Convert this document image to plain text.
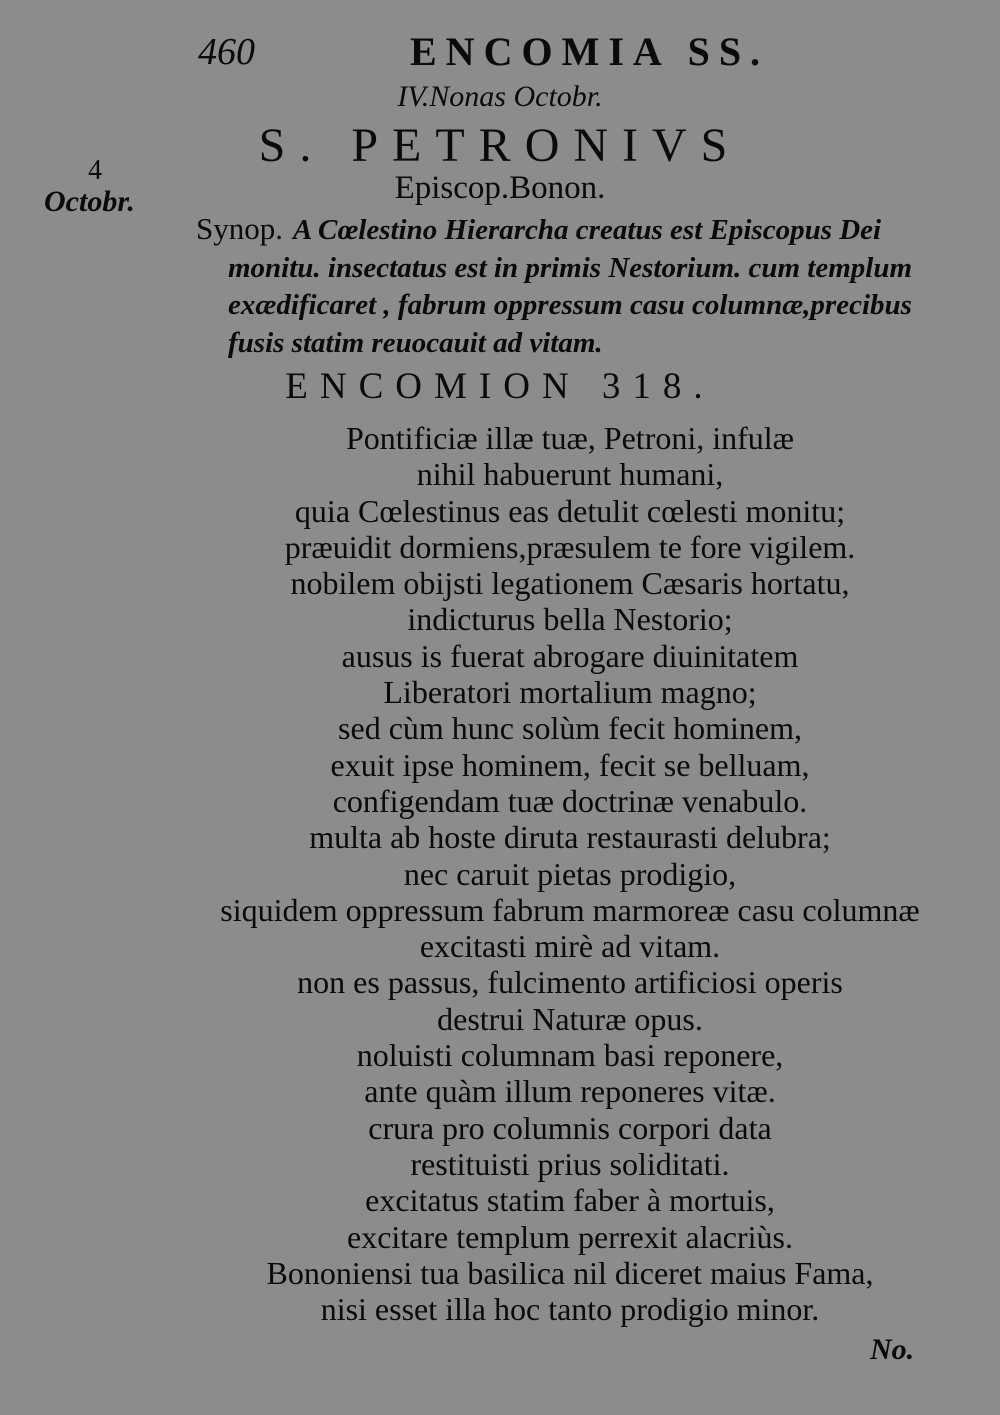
460	ENCOMIA SS.
4
Octobr.
IV.Nonas Octobr.
S. PETRONIVS
Episcop.Bonon.
Synop. A Cœlestino Hierarcha creatus est Episcopus Dei
monitu. insectatus est in primis Nestorium. cum templum
exædificaret , fabrum oppressum casu columnæ,precibus
fusis statim reuocauit ad vitam.
ENCOMION 318.
Pontificiæ illæ tuæ, Petroni, infulæ
nihil habuerunt humani,
quia Cœlestinus eas detulit cœlesti monitu;
præuidit dormiens,præsulem te fore vigilem.
nobilem obijsti legationem Cæsaris hortatu,
indicturus bella Nestorio;
ausus is fuerat abrogare diuinitatem
Liberatori mortalium magno;
sed cùm hunc solùm fecit hominem,
exuit ipse hominem, fecit se belluam,
configendam tuæ doctrinæ venabulo.
multa ab hoste diruta restaurasti delubra;
nec caruit pietas prodigio,
siquidem oppressum fabrum marmoreæ casu columnæ
excitasti mirè ad vitam.
non es passus, fulcimento artificiosi operis
destrui Naturæ opus.
noluisti columnam basi reponere,
ante quàm illum reponeres vitæ.
crura pro columnis corpori data
restituisti prius soliditati.
excitatus statim faber à mortuis,
excitare templum perrexit alacriùs.
Bononiensi tua basilica nil diceret maius Fama,
nisi esset illa hoc tanto prodigio minor.
No.
